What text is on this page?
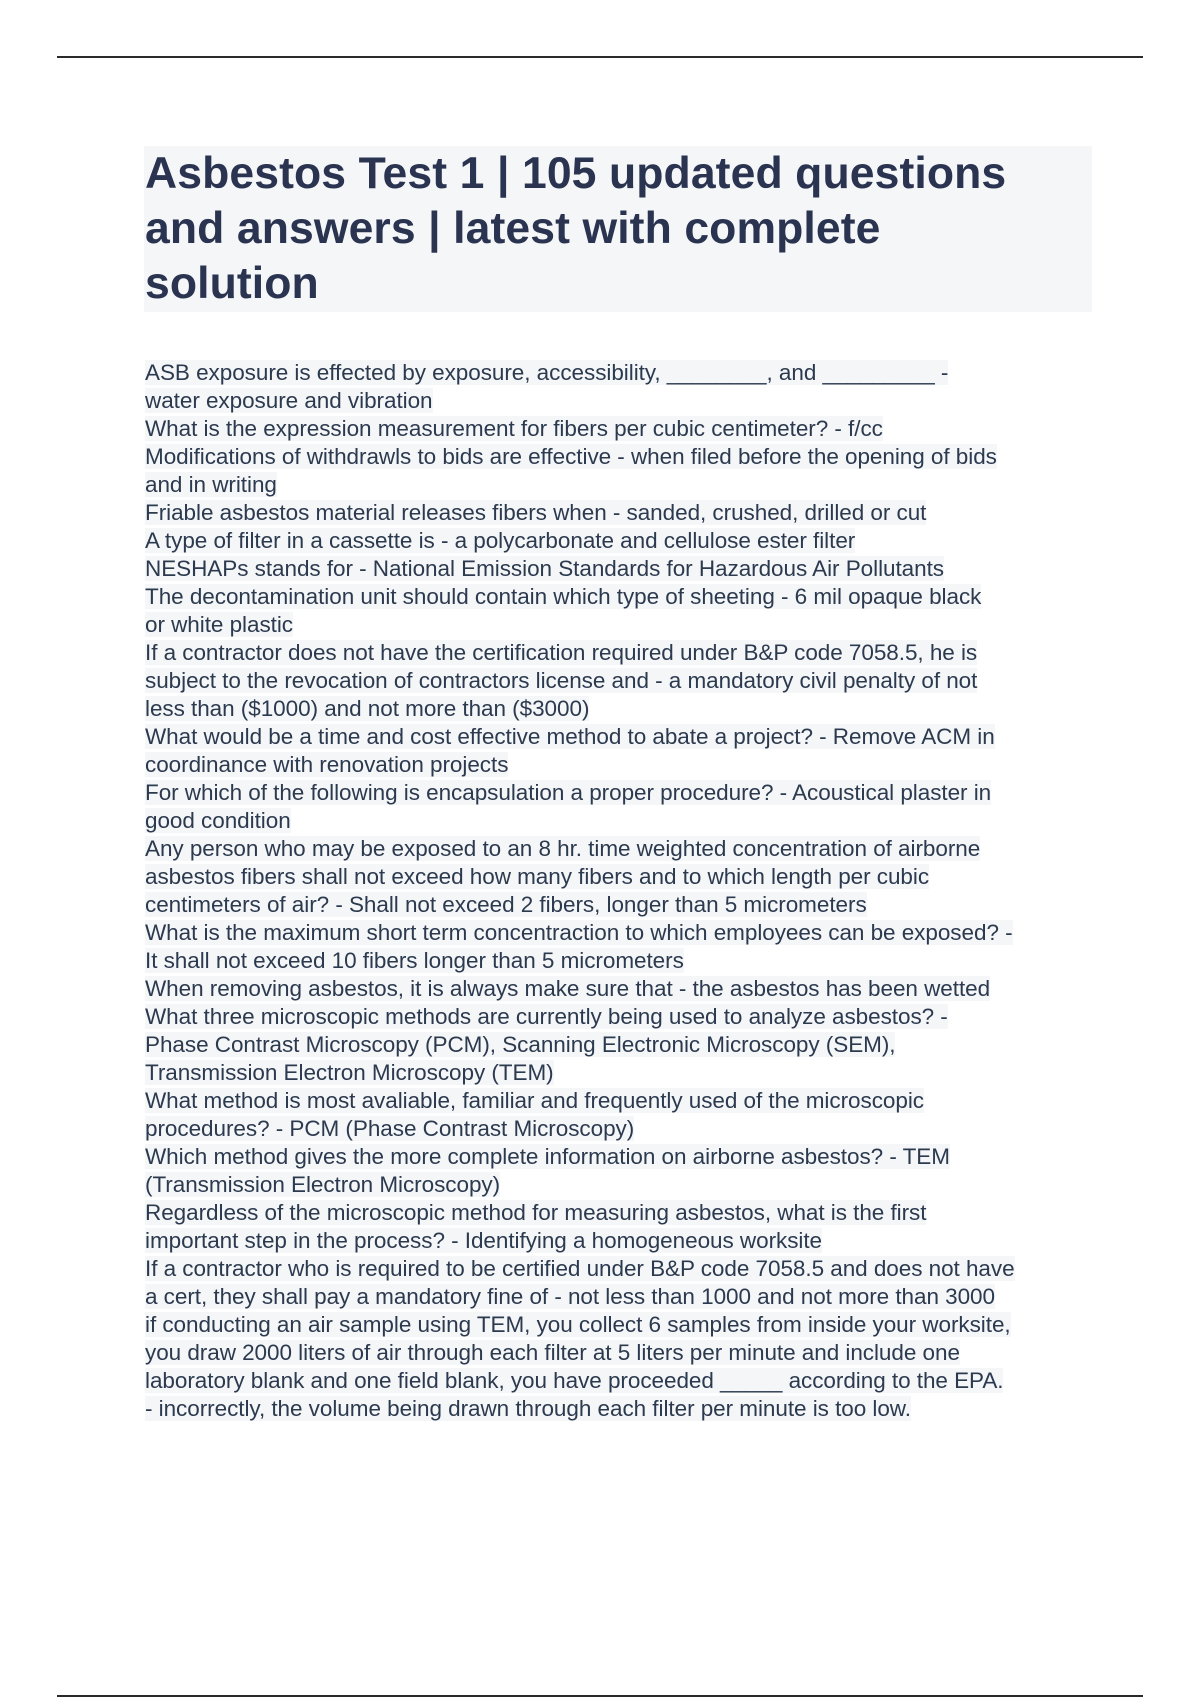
Asbestos Test 1 | 105 updated questions
and answers | latest with complete
solution
ASB exposure is effected by exposure, accessibility, ________, and _________ -
water exposure and vibration
What is the expression measurement for fibers per cubic centimeter? - f/cc
Modifications of withdrawls to bids are effective - when filed before the opening of bids
and in writing
Friable asbestos material releases fibers when - sanded, crushed, drilled or cut
A type of filter in a cassette is - a polycarbonate and cellulose ester filter
NESHAPs stands for - National Emission Standards for Hazardous Air Pollutants
The decontamination unit should contain which type of sheeting - 6 mil opaque black
or white plastic
If a contractor does not have the certification required under B&P code 7058.5, he is
subject to the revocation of contractors license and - a mandatory civil penalty of not
less than ($1000) and not more than ($3000)
What would be a time and cost effective method to abate a project? - Remove ACM in
coordinance with renovation projects
For which of the following is encapsulation a proper procedure? - Acoustical plaster in
good condition
Any person who may be exposed to an 8 hr. time weighted concentration of airborne
asbestos fibers shall not exceed how many fibers and to which length per cubic
centimeters of air? - Shall not exceed 2 fibers, longer than 5 micrometers
What is the maximum short term concentraction to which employees can be exposed? -
It shall not exceed 10 fibers longer than 5 micrometers
When removing asbestos, it is always make sure that - the asbestos has been wetted
What three microscopic methods are currently being used to analyze asbestos? -
Phase Contrast Microscopy (PCM), Scanning Electronic Microscopy (SEM),
Transmission Electron Microscopy (TEM)
What method is most avaliable, familiar and frequently used of the microscopic
procedures? - PCM (Phase Contrast Microscopy)
Which method gives the more complete information on airborne asbestos? - TEM
(Transmission Electron Microscopy)
Regardless of the microscopic method for measuring asbestos, what is the first
important step in the process? - Identifying a homogeneous worksite
If a contractor who is required to be certified under B&P code 7058.5 and does not have
a cert, they shall pay a mandatory fine of - not less than 1000 and not more than 3000
if conducting an air sample using TEM, you collect 6 samples from inside your worksite,
you draw 2000 liters of air through each filter at 5 liters per minute and include one
laboratory blank and one field blank, you have proceeded _____ according to the EPA.
- incorrectly, the volume being drawn through each filter per minute is too low.
